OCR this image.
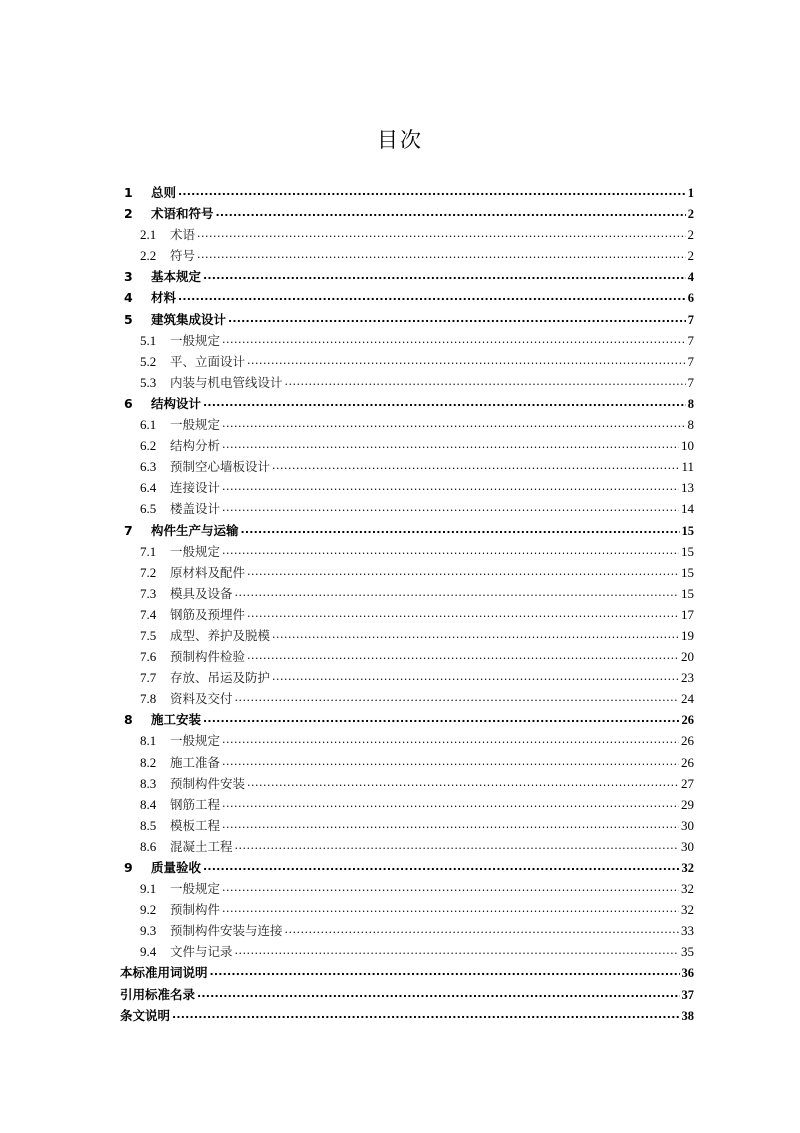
目次
1	总则 .....	1
2	术语和符号 .....	2
2.1	术语 .....	2
2.2	符号 .....	2
3	基本规定 .....	4
4	材料 .....	6
5	建筑集成设计 .....	7
5.1	一般规定 .....	7
5.2	平、立面设计 .....	7
5.3	内装与机电管线设计 .....	7
6	结构设计 .....	8
6.1	一般规定 .....	8
6.2	结构分析 .....	10
6.3	预制空心墙板设计 .....	11
6.4	连接设计 .....	13
6.5	楼盖设计 .....	14
7	构件生产与运输 .....	15
7.1	一般规定 .....	15
7.2	原材料及配件 .....	15
7.3	模具及设备 .....	15
7.4	钢筋及预埋件 .....	17
7.5	成型、养护及脱模 .....	19
7.6	预制构件检验 .....	20
7.7	存放、吊运及防护 .....	23
7.8	资料及交付 .....	24
8	施工安装 .....	26
8.1	一般规定 .....	26
8.2	施工准备 .....	26
8.3	预制构件安装 .....	27
8.4	钢筋工程 .....	29
8.5	模板工程 .....	30
8.6	混凝土工程 .....	30
9	质量验收 .....	32
9.1	一般规定 .....	32
9.2	预制构件 .....	32
9.3	预制构件安装与连接 .....	33
9.4	文件与记录 .....	35
本标准用词说明 .....	36
引用标准名录 .....	37
条文说明 .....	38
